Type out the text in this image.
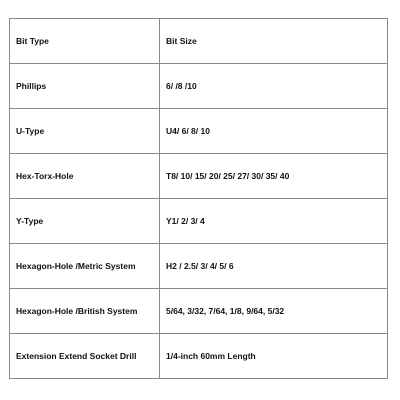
Bit Type	Bit Size
Phillips	6/ /8 /10
U-Type	U4/ 6/ 8/ 10
Hex-Torx-Hole	T8/ 10/ 15/ 20/ 25/ 27/ 30/ 35/ 40
Y-Type	Y1/ 2/ 3/ 4
Hexagon-Hole /Metric System	H2 / 2.5/ 3/ 4/ 5/ 6
Hexagon-Hole /British System	5/64, 3/32, 7/64, 1/8, 9/64, 5/32
Extension Extend Socket Drill	1/4-inch 60mm Length
